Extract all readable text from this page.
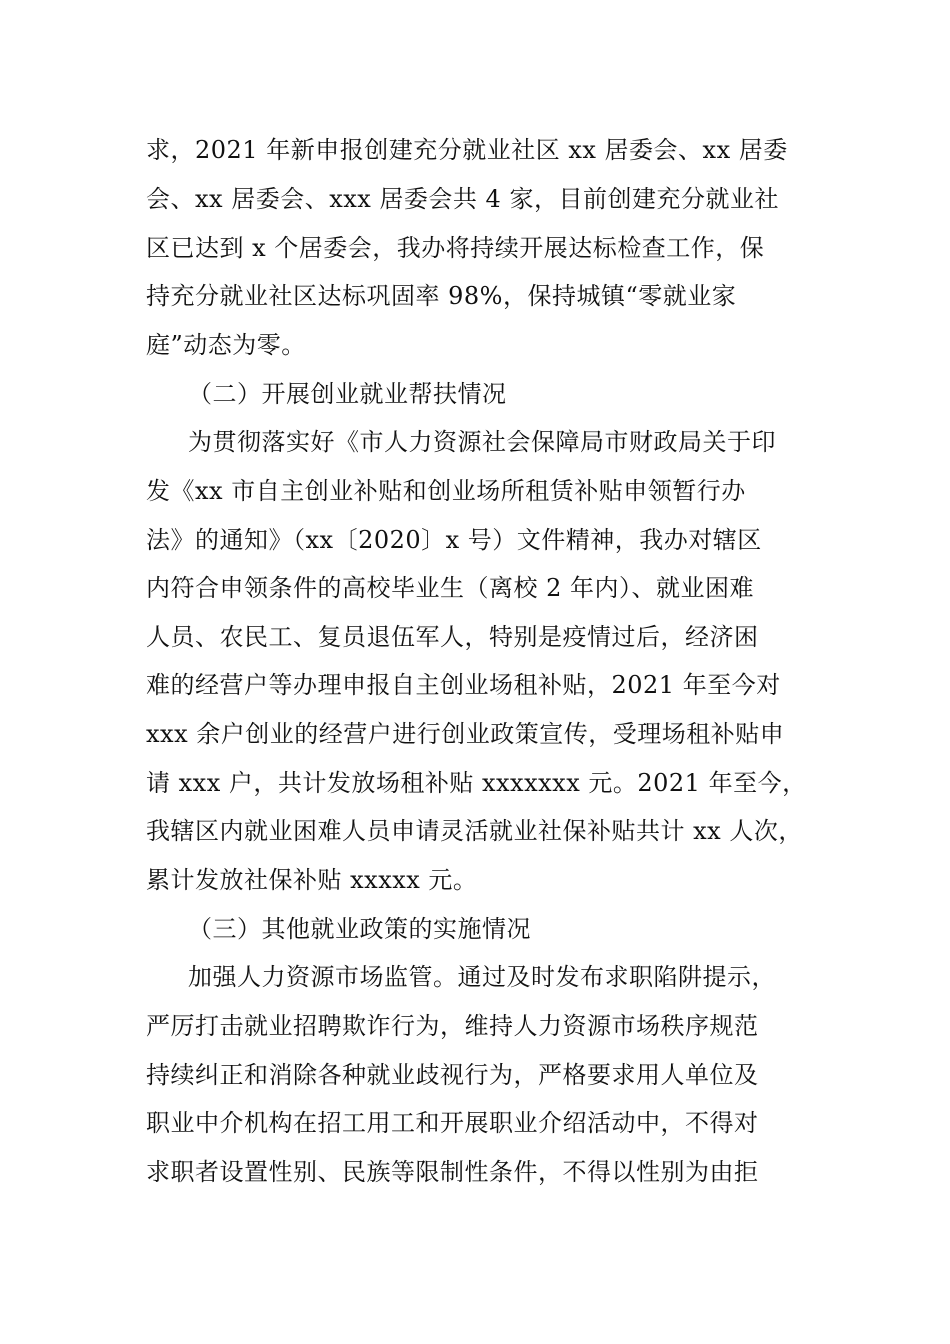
求，2021 年新申报创建充分就业社区 xx 居委会、xx 居委
会、xx 居委会、xxx 居委会共 4 家，目前创建充分就业社
区已达到 x 个居委会，我办将持续开展达标检查工作，保
持充分就业社区达标巩固率 98%，保持城镇“零就业家
庭”动态为零。
（二）开展创业就业帮扶情况
为贯彻落实好《市人力资源社会保障局市财政局关于印
发《xx 市自主创业补贴和创业场所租赁补贴申领暂行办
法》的通知》（xx〔2020〕x 号）文件精神，我办对辖区
内符合申领条件的高校毕业生（离校 2 年内）、就业困难
人员、农民工、复员退伍军人，特别是疫情过后，经济困
难的经营户等办理申报自主创业场租补贴，2021 年至今对
xxx 余户创业的经营户进行创业政策宣传，受理场租补贴申
请 xxx 户，共计发放场租补贴 xxxxxxx 元。2021 年至今，
我辖区内就业困难人员申请灵活就业社保补贴共计 xx 人次，
累计发放社保补贴 xxxxx 元。
（三）其他就业政策的实施情况
加强人力资源市场监管。通过及时发布求职陷阱提示，
严厉打击就业招聘欺诈行为，维持人力资源市场秩序规范
持续纠正和消除各种就业歧视行为，严格要求用人单位及
职业中介机构在招工用工和开展职业介绍活动中，不得对
求职者设置性别、民族等限制性条件，不得以性别为由拒
